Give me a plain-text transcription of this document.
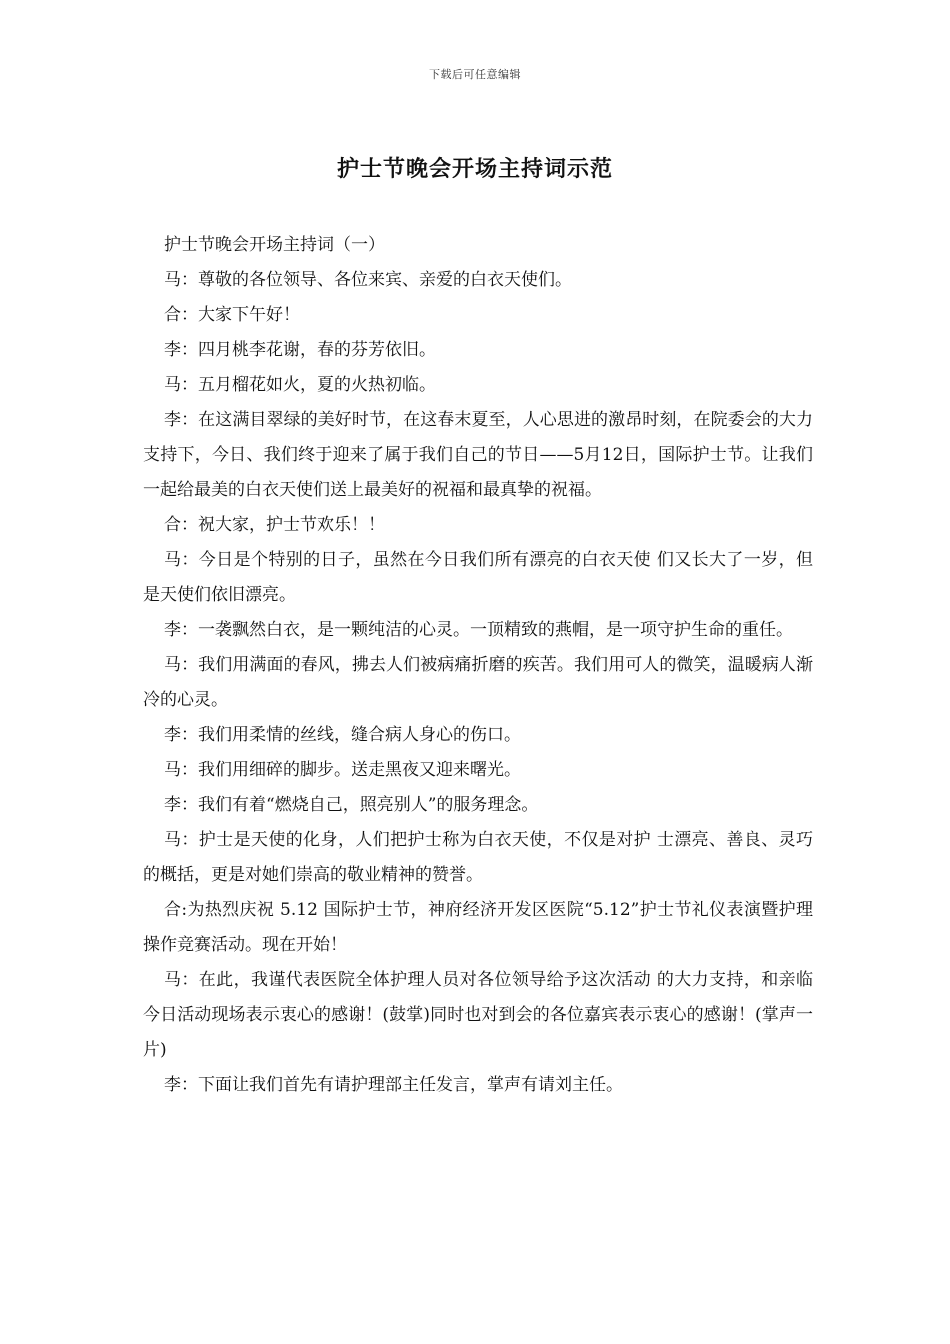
下载后可任意编辑
护士节晚会开场主持词示范

护士节晚会开场主持词（一）

马：尊敬的各位领导、各位来宾、亲爱的白衣天使们。

合：大家下午好！

李：四月桃李花谢，春的芬芳依旧。

马：五月榴花如火，夏的火热初临。

李：在这满目翠绿的美好时节，在这春末夏至，人心思进的激昂时刻，在院委会的大力支持下，今日、我们终于迎来了属于我们自己的节日——5月12日，国际护士节。让我们一起给最美的白衣天使们送上最美好的祝福和最真挚的祝福。

合：祝大家，护士节欢乐！！

马：今日是个特别的日子，虽然在今日我们所有漂亮的白衣天使 们又长大了一岁，但是天使们依旧漂亮。

李：一袭飘然白衣，是一颗纯洁的心灵。一顶精致的燕帽，是一项守护生命的重任。

马：我们用满面的春风，拂去人们被病痛折磨的疾苦。我们用可人的微笑，温暖病人渐冷的心灵。

李：我们用柔情的丝线，缝合病人身心的伤口。

马：我们用细碎的脚步。送走黑夜又迎来曙光。

李：我们有着“燃烧自己，照亮别人”的服务理念。

马：护士是天使的化身，人们把护士称为白衣天使，不仅是对护 士漂亮、善良、灵巧的概括，更是对她们崇高的敬业精神的赞誉。

合:为热烈庆祝 5.12 国际护士节，神府经济开发区医院“5.12”护士节礼仪表演暨护理操作竞赛活动。现在开始！

马：在此，我谨代表医院全体护理人员对各位领导给予这次活动 的大力支持，和亲临今日活动现场表示衷心的感谢！(鼓掌)同时也对到会的各位嘉宾表示衷心的感谢！(掌声一片)

李：下面让我们首先有请护理部主任发言，掌声有请刘主任。
